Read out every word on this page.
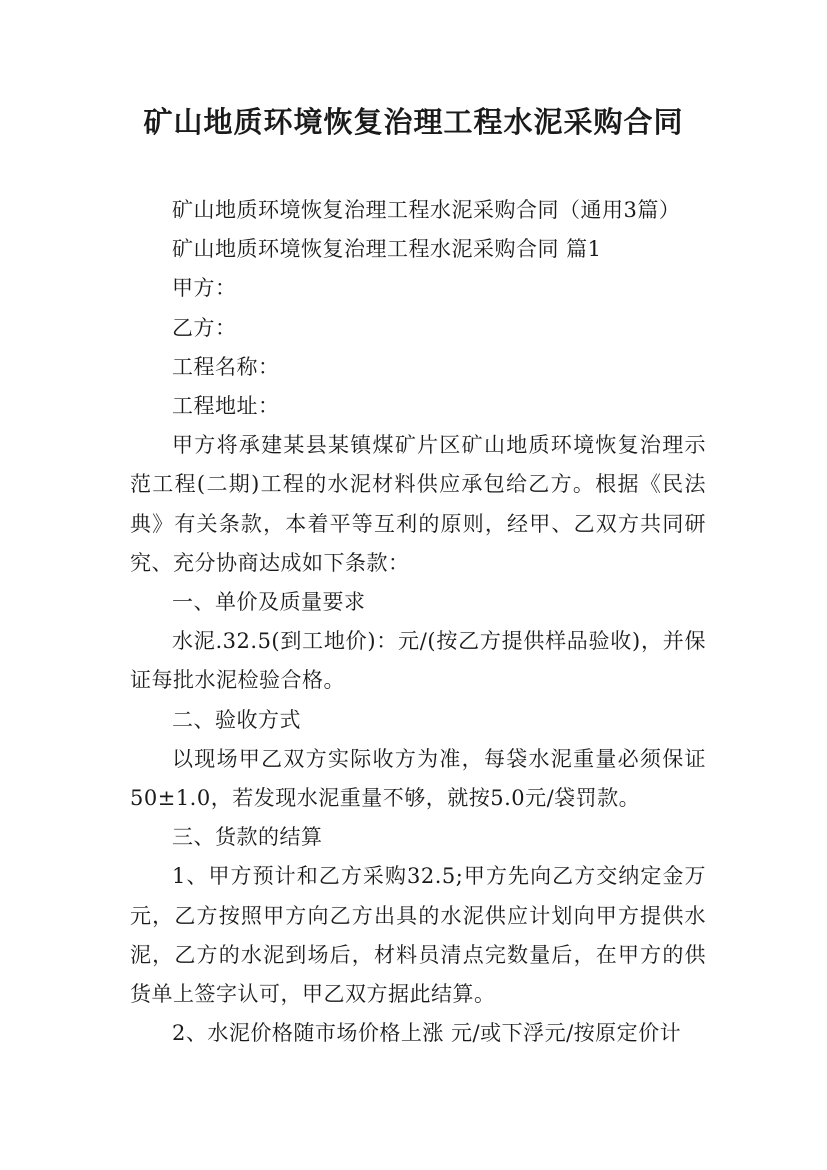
矿山地质环境恢复治理工程水泥采购合同

矿山地质环境恢复治理工程水泥采购合同（通用3篇）

矿山地质环境恢复治理工程水泥采购合同 篇1

甲方：

乙方：

工程名称：

工程地址：

甲方将承建某县某镇煤矿片区矿山地质环境恢复治理示范工程(二期)工程的水泥材料供应承包给乙方。根据《民法典》有关条款，本着平等互利的原则，经甲、乙双方共同研究、充分协商达成如下条款：

一、单价及质量要求

水泥.32.5(到工地价)：元/(按乙方提供样品验收)，并保证每批水泥检验合格。

二、验收方式

以现场甲乙双方实际收方为准，每袋水泥重量必须保证50±1.0，若发现水泥重量不够，就按5.0元/袋罚款。

三、货款的结算

1、甲方预计和乙方采购32.5;甲方先向乙方交纳定金万元，乙方按照甲方向乙方出具的水泥供应计划向甲方提供水泥，乙方的水泥到场后，材料员清点完数量后，在甲方的供货单上签字认可，甲乙双方据此结算。

2、水泥价格随市场价格上涨 元/或下浮元/按原定价计
